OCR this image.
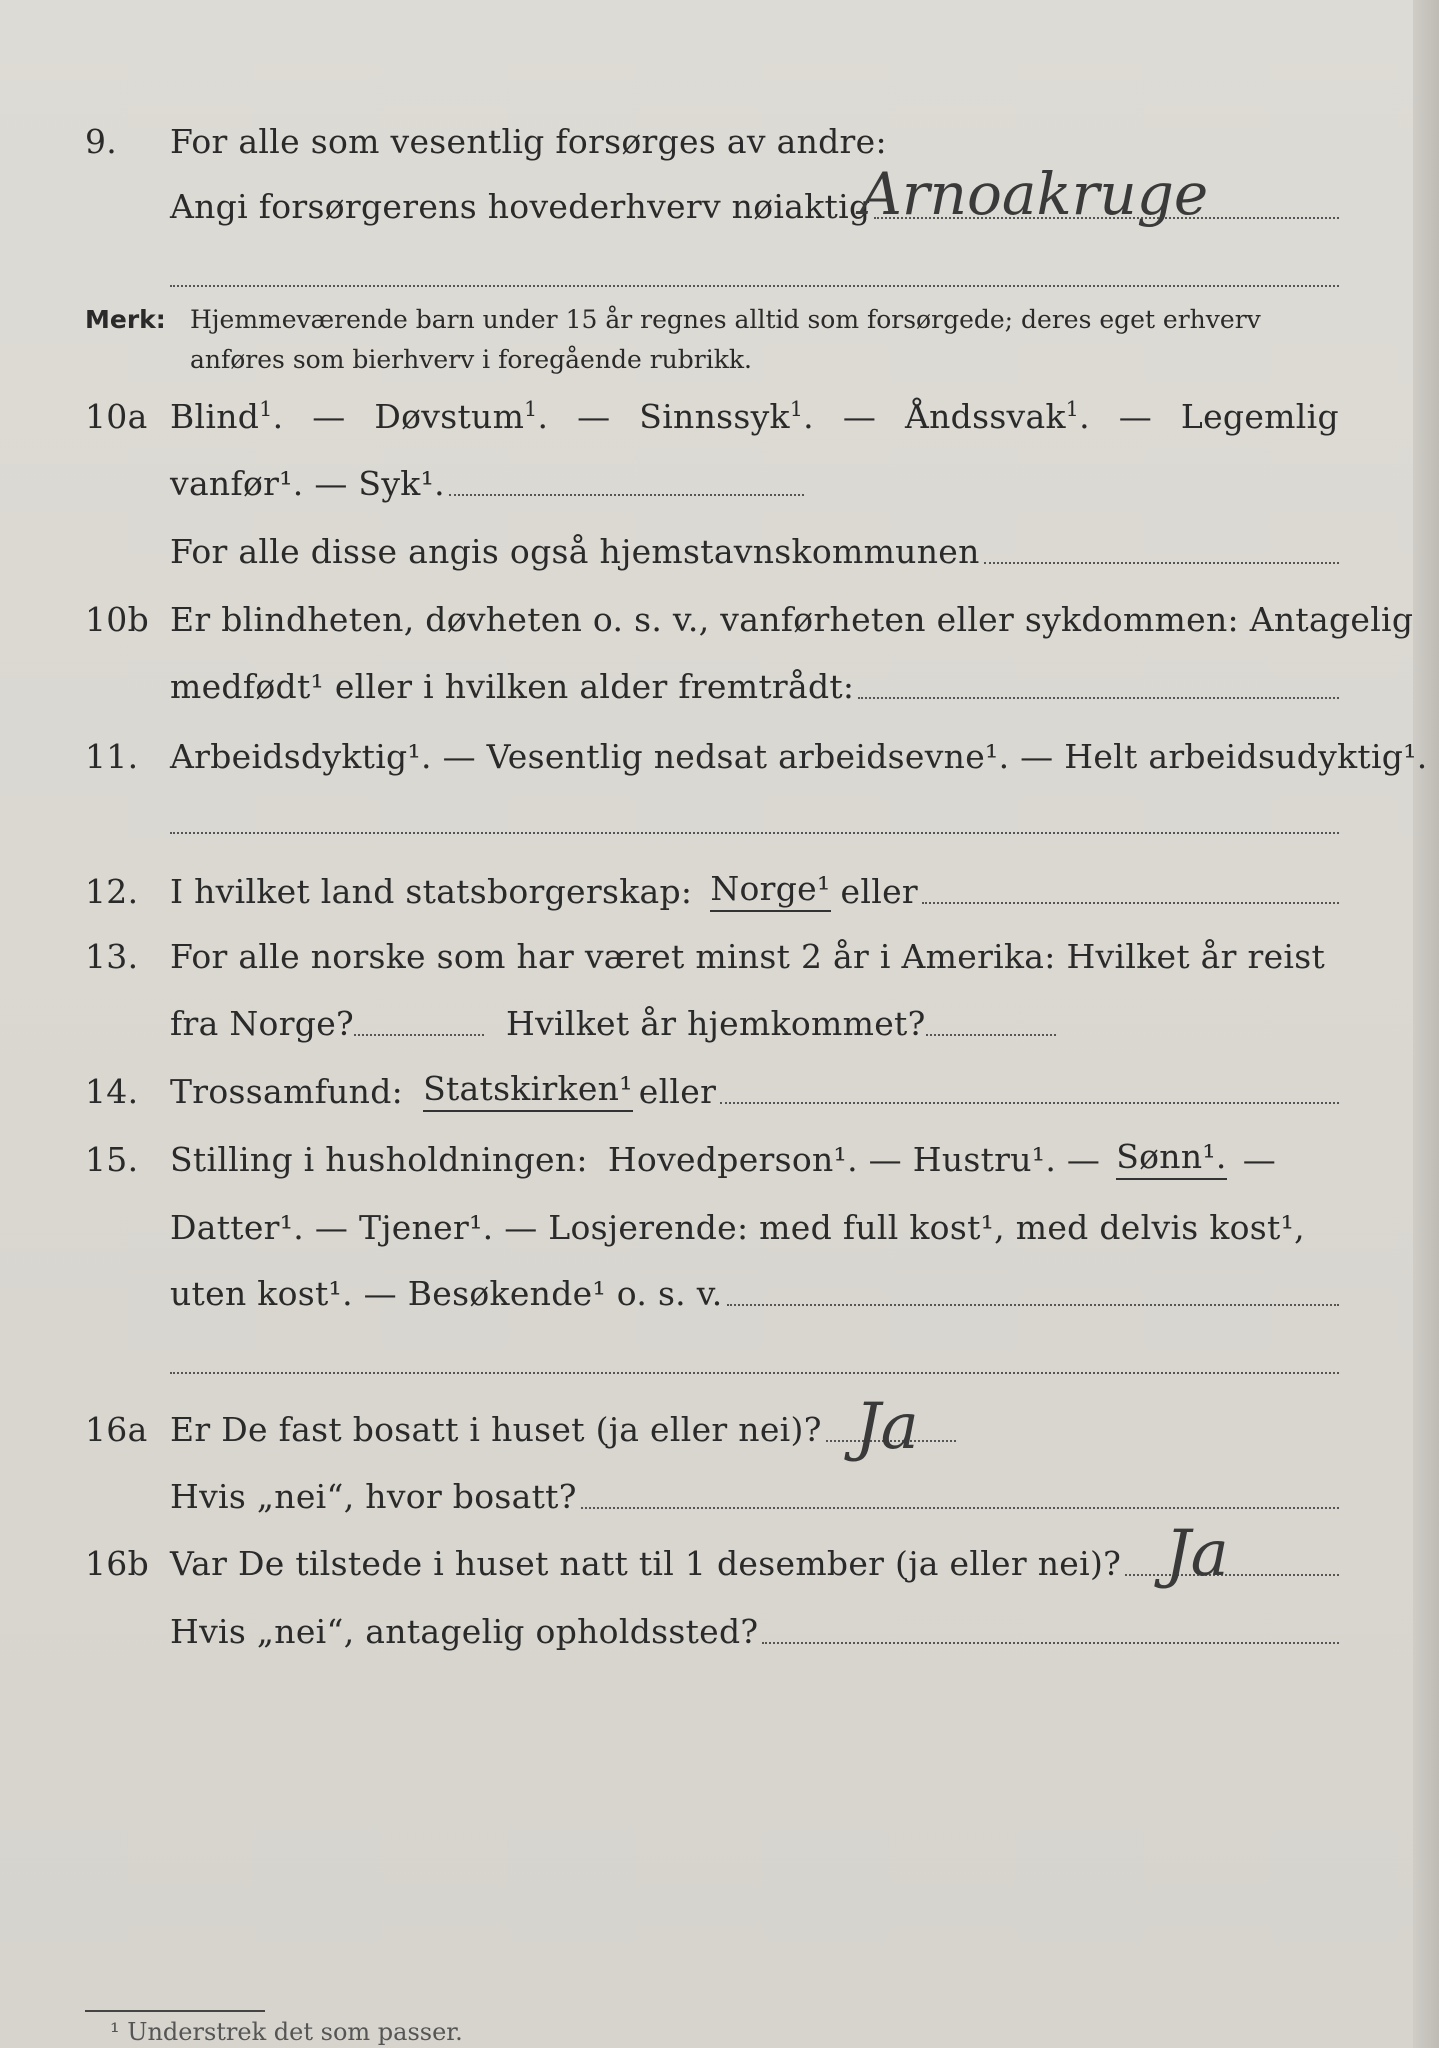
9. For alle som vesentlig forsørges av andre:
Angi forsørgerens hovederhverv nøiaktig
Arnoakruge
Merk: Hjemmeværende barn under 15 år regnes alltid som forsørgede; deres eget erhverv
anføres som bierhverv i foregående rubrikk.
10a Blind$^1$. — Døvstum$^1$. — Sinnssyk$^1$. — Åndssvak$^1$. — Legemlig
vanfør¹. — Syk¹.
For alle disse angis også hjemstavnskommunen
10b Er blindheten, døvheten o. s. v., vanførheten eller sykdommen: Antagelig
medfødt¹ eller i hvilken alder fremtrådt:
11. Arbeidsdyktig¹. — Vesentlig nedsat arbeidsevne¹. — Helt arbeidsudyktig¹.
12. I hvilket land statsborgerskap: Norge¹ eller
13. For alle norske som har været minst 2 år i Amerika: Hvilket år reist
fra Norge?	Hvilket år hjemkommet?
14. Trossamfund: Statskirken¹ eller
15. Stilling i husholdningen: Hovedperson¹. — Hustru¹. — Sønn¹. —
Datter¹. — Tjener¹. — Losjerende: med full kost¹, med delvis kost¹,
uten kost¹. — Besøkende¹ o. s. v.
16a Er De fast bosatt i huset (ja eller nei)? Ja
Hvis „nei“, hvor bosatt?
16b Var De tilstede i huset natt til 1 desember (ja eller nei)? Ja
Hvis „nei“, antagelig opholdssted?
¹ Understrek det som passer.
